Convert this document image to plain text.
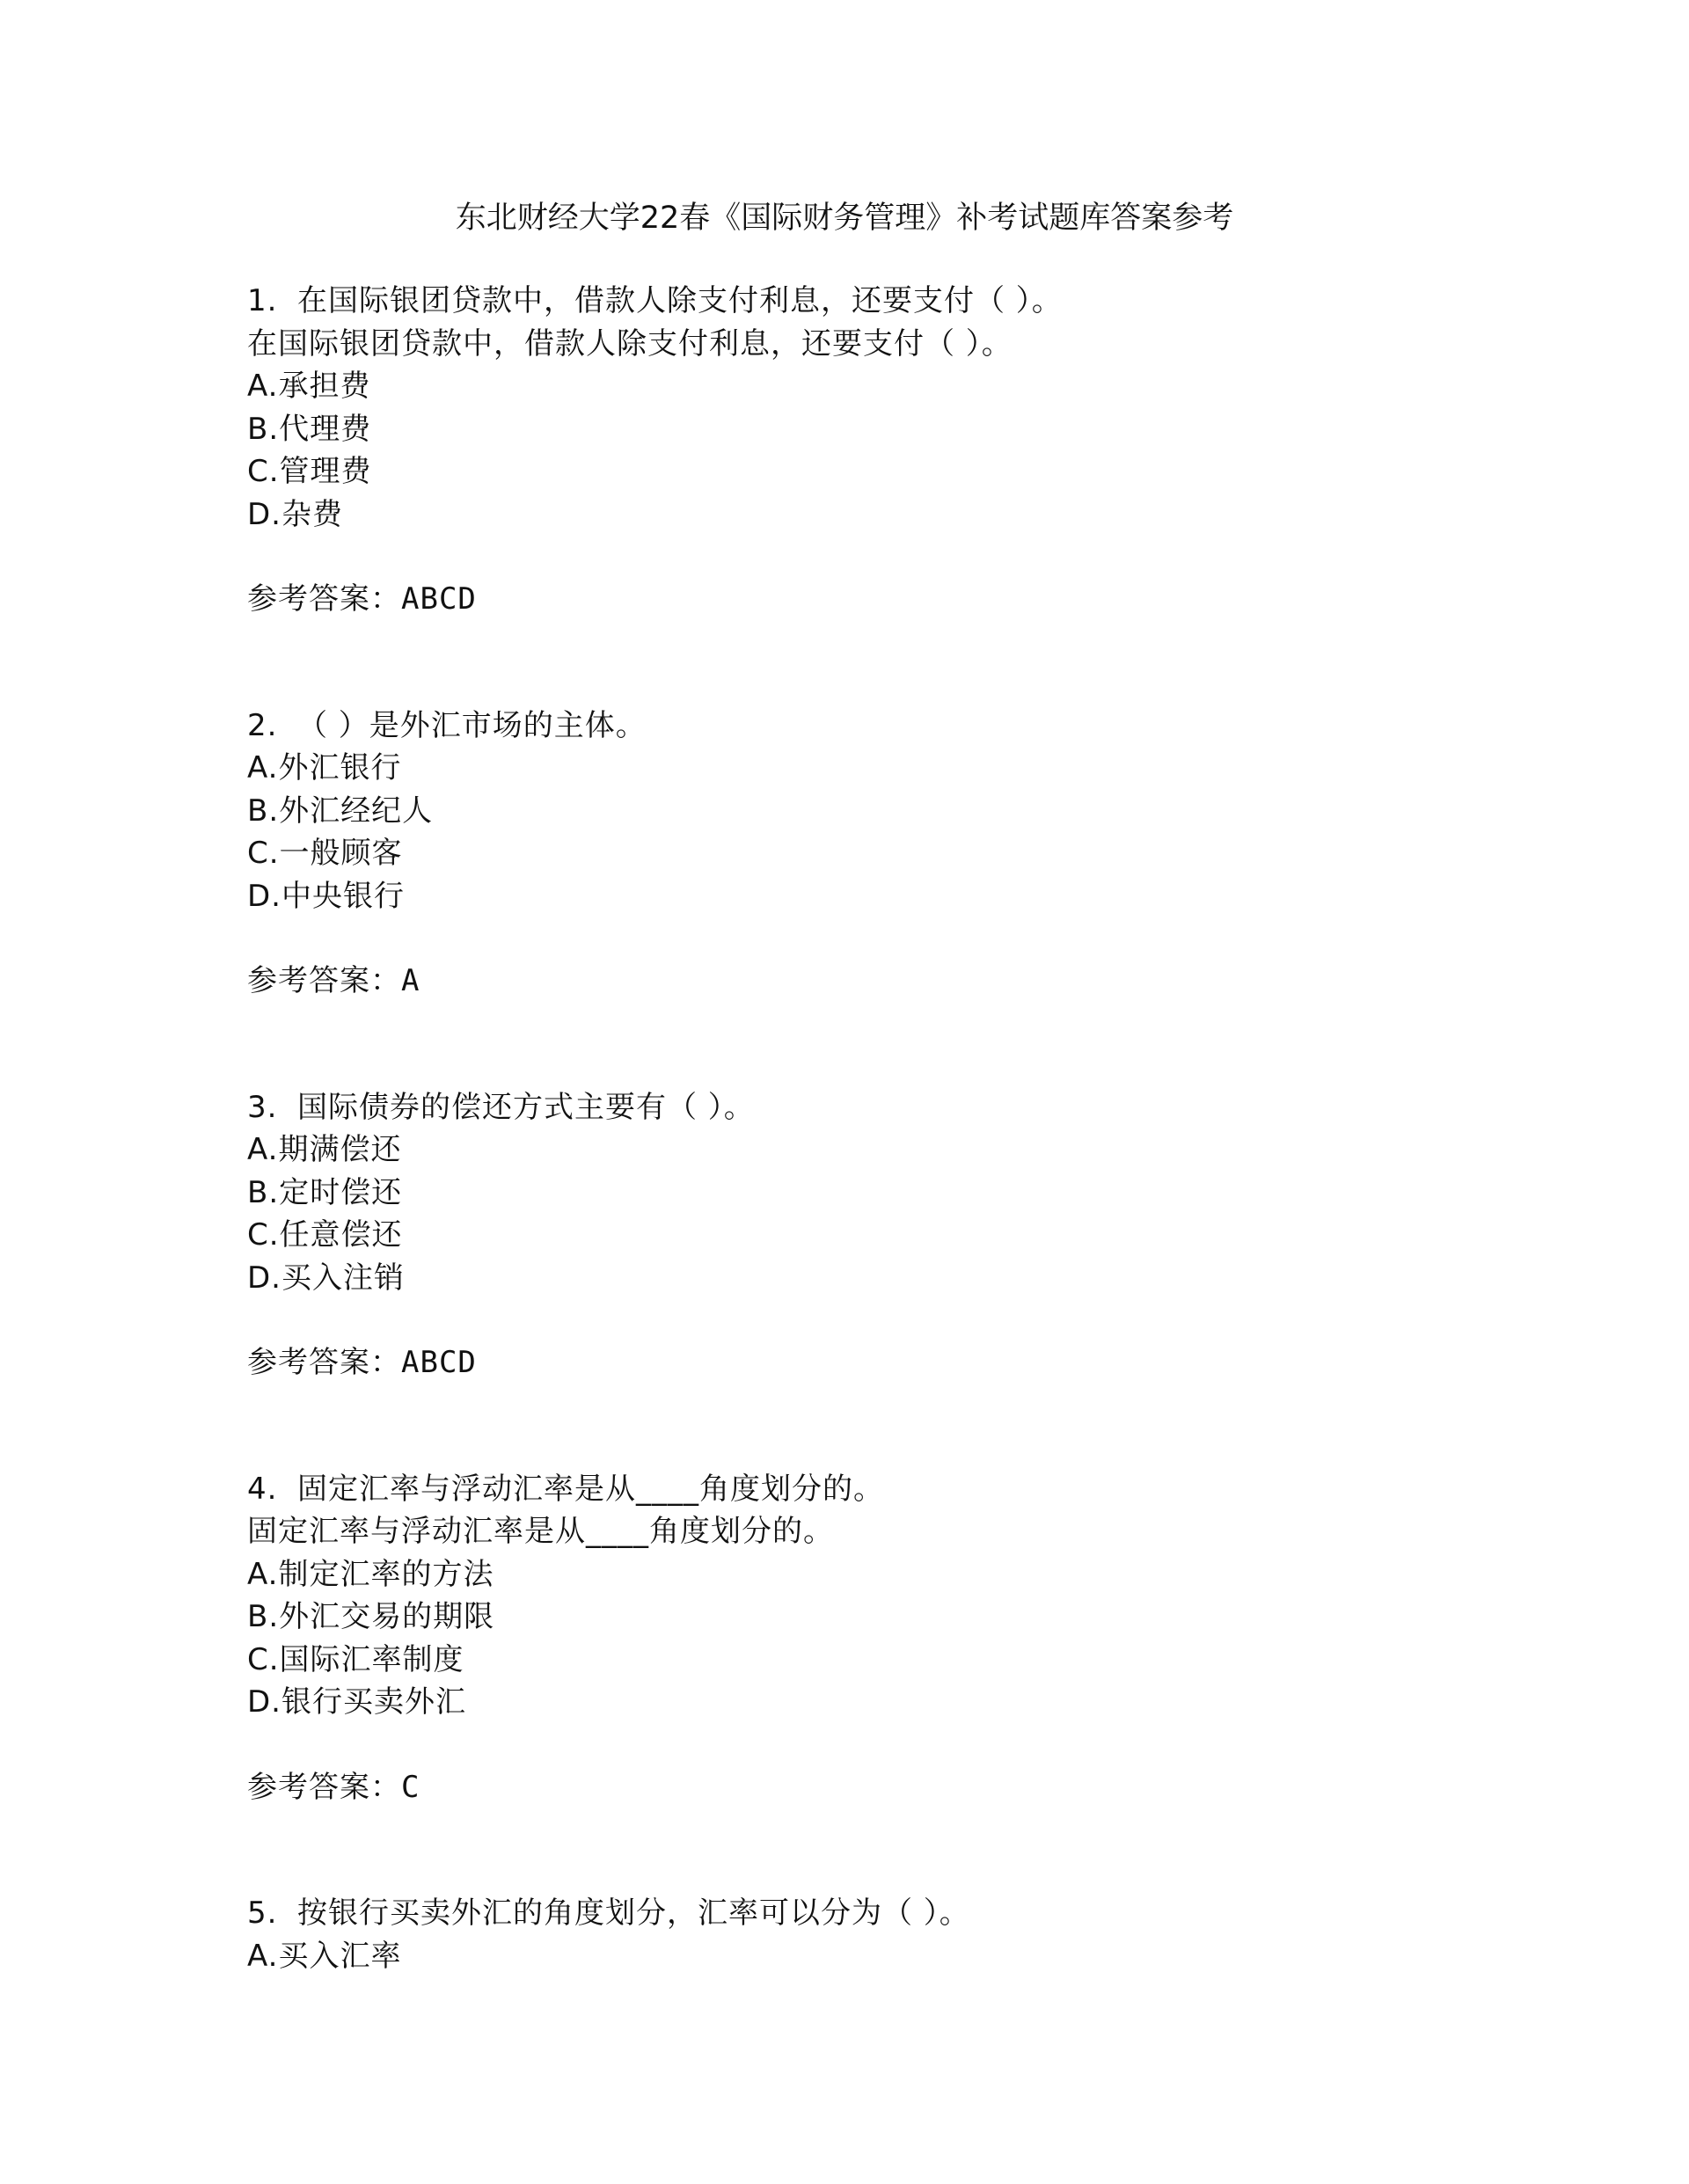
东北财经大学22春《国际财务管理》补考试题库答案参考
1. 在国际银团贷款中，借款人除支付利息，还要支付（ ）。
在国际银团贷款中，借款人除支付利息，还要支付（ ）。
A.承担费
B.代理费
C.管理费
D.杂费
参考答案：ABCD
2. （ ）是外汇市场的主体。
A.外汇银行
B.外汇经纪人
C.一般顾客
D.中央银行
参考答案：A
3. 国际债券的偿还方式主要有（ ）。
A.期满偿还
B.定时偿还
C.任意偿还
D.买入注销
参考答案：ABCD
4. 固定汇率与浮动汇率是从____角度划分的。
固定汇率与浮动汇率是从____角度划分的。
A.制定汇率的方法
B.外汇交易的期限
C.国际汇率制度
D.银行买卖外汇
参考答案：C
5. 按银行买卖外汇的角度划分，汇率可以分为（ ）。
A.买入汇率
